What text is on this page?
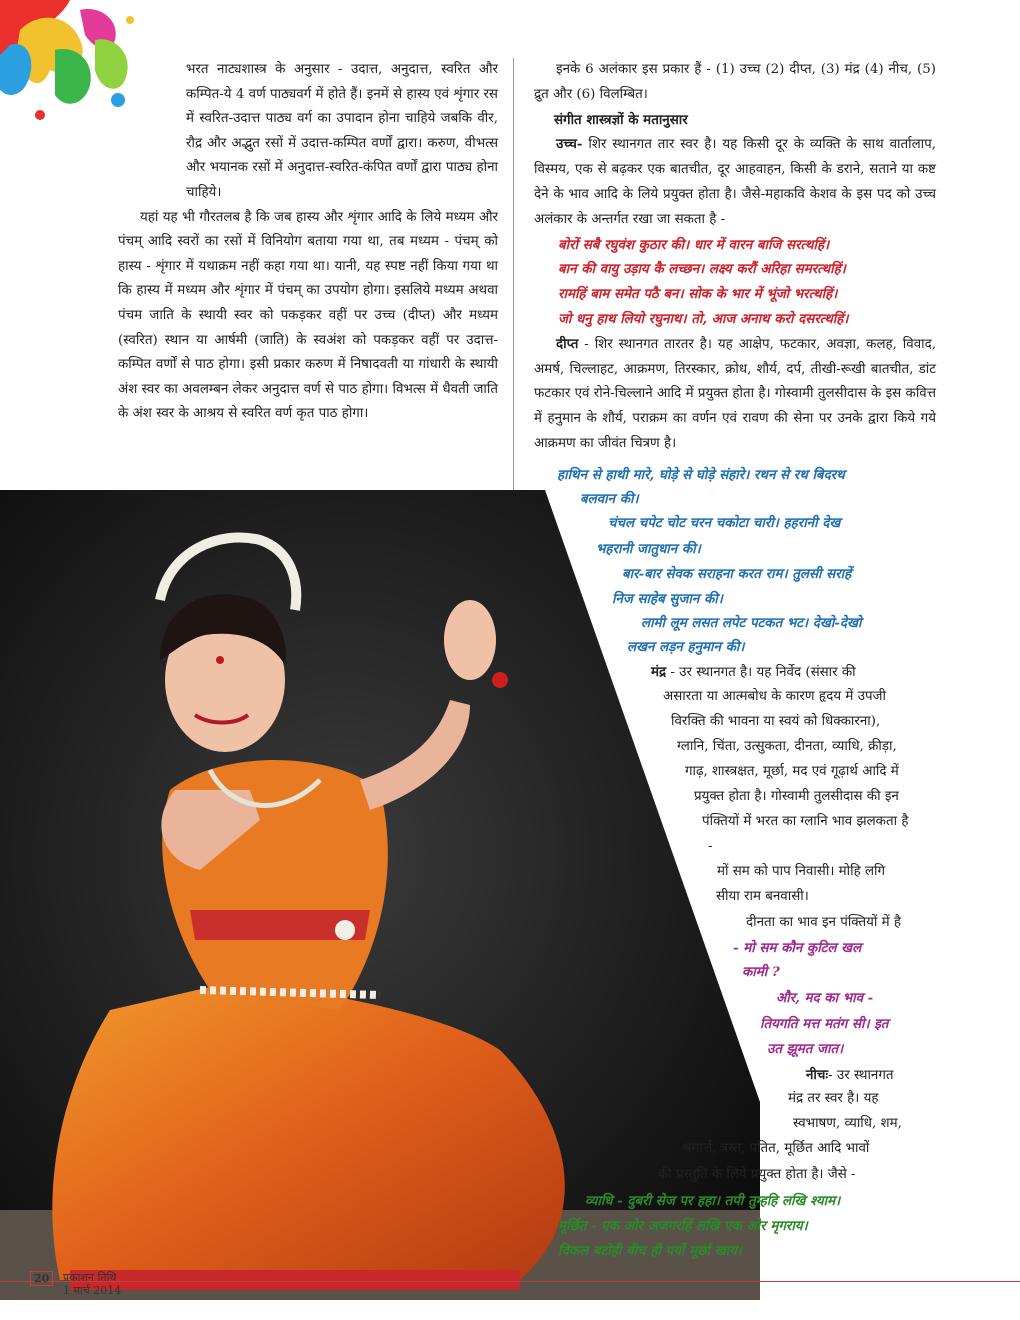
भरत नाट्यशास्त्र के अनुसार - उदात्त, अनुदात्त, स्वरित और कम्पित-ये 4 वर्ण पाठ्यवर्ग में होते हैं। इनमें से हास्य एवं शृंगार रस में स्वरित-उदात्त पाठ्य वर्ग का उपादान होना चाहिये जबकि वीर, रौद्र और अद्भुत रसों में उदात्त-कम्पित वर्णों द्वारा। करुण, वीभत्स और भयानक रसों में अनुदात्त-स्वरित-कंपित वर्णों द्वारा पाठ्य होना चाहिये।

यहां यह भी गौरतलब है कि जब हास्य और शृंगार आदि के लिये मध्यम और पंचम् आदि स्वरों का रसों में विनियोग बताया गया था, तब मध्यम - पंचम् को हास्य - शृंगार में यथाक्रम नहीं कहा गया था। यानी, यह स्पष्ट नहीं किया गया था कि हास्य में मध्यम और शृंगार में पंचम् का उपयोग होगा। इसलिये मध्यम अथवा पंचम जाति के स्थायी स्वर को पकड़कर वहीं पर उच्च (दीप्त) और मध्यम (स्वरित) स्थान या आर्षमी (जाति) के स्वअंश को पकड़कर वहीं पर उदात्त-कम्पित वर्णों से पाठ होगा। इसी प्रकार करुण में निषादवती या गांधारी के स्थायी अंश स्वर का अवलम्बन लेकर अनुदात्त वर्ण से पाठ होगा। विभत्स में धैवती जाति के अंश स्वर के आश्रय से स्वरित वर्ण कृत पाठ होगा।

इनके 6 अलंकार इस प्रकार हैं - (1) उच्च (2) दीप्त, (3) मंद्र (4) नीच, (5) द्रुत और (6) विलम्बित।

संगीत शास्त्रज्ञों के मतानुसार

उच्च- शिर स्थानगत तार स्वर है। यह किसी दूर के व्यक्ति के साथ वार्तालाप, विस्मय, एक से बढ़कर एक बातचीत, दूर आहवाहन, किसी के डराने, सताने या कष्ट देने के भाव आदि के लिये प्रयुक्त होता है। जैसे-महाकवि केशव के इस पद को उच्च अलंकार के अन्तर्गत रखा जा सकता है -

बोरों सबै रघुवंश कुठार की। धार में वारन बाजि सरत्थहिं।

बान की वायु उड़ाय कै लच्छन। लक्ष्य करौं अरिहा समरत्थहिं।

रामहिं बाम समेत पठै बन। सोक के भार में भूंजो भरत्थहिं।

जो धनु हाथ लियो रघुनाथ। तो, आज अनाथ करो दसरत्थहिं।

दीप्त - शिर स्थानगत तारतर है। यह आक्षेप, फटकार, अवज्ञा, कलह, विवाद, अमर्ष, चिल्लाहट, आक्रमण, तिरस्कार, क्रोध, शौर्य, दर्प, तीखी-रूखी बातचीत, डांट फटकार एवं रोने-चिल्लाने आदि में प्रयुक्त होता है। गोस्वामी तुलसीदास के इस कवित्त में हनुमान के शौर्य, पराक्रम का वर्णन एवं रावण की सेना पर उनके द्वारा किये गये आक्रमण का जीवंत चित्रण है।

हाथिन से हाथी मारे, घोड़े से घोड़े संहारे। रथन से रथ बिदरथ
बलवान की।
चंचल चपेट चोट चरन चकोटा चारी। हहरानी देख
भहरानी जातुधान की।
बार-बार सेवक सराहना करत राम। तुलसी सराहें
निज साहेब सुजान की।
लामी लूम लसत लपेट पटकत भट। देखो-देखो
लखन लड़न हनुमान की।
मंद्र - उर स्थानगत है। यह निर्वेद (संसार की
असारता या आत्मबोध के कारण हृदय में उपजी
विरक्ति की भावना या स्वयं को धिक्कारना),
ग्लानि, चिंता, उत्सुकता, दीनता, व्याधि, क्रीड़ा,
गाढ़, शास्त्रक्षत, मूर्छा, मद एवं गूढ़ार्थ आदि में
प्रयुक्त होता है। गोस्वामी तुलसीदास की इन
पंक्तियों में भरत का ग्लानि भाव झलकता है
-
मों सम को पाप निवासी। मोहि लगि
सीया राम बनवासी।
दीनता का भाव इन पंक्तियों में है
- मो सम कौन कुटिल खल
कामी ?
और, मद का भाव -
तियगति मत्त मतंग सी। इत
उत झूमत जात।
नीचः- उर स्थानगत
मंद्र तर स्वर है। यह
स्वभाषण, व्याधि, शम,
श्रमार्त्त, त्रस्त, पतित, मूर्छित आदि भावों
की प्रस्तुति के लिये प्रयुक्त होता है। जैसे -
व्याधि - दुबरी सेज पर हहा। तपी तुम्हहि लखि श्याम।
मूर्छित - एक ओर अजगरहिं लखि एक ओर मृगराय।
विकल बटोही बीच ही पर्यो मूर्छा खाय।
20 प्रकाशन तिथि
1 मार्च 2014
